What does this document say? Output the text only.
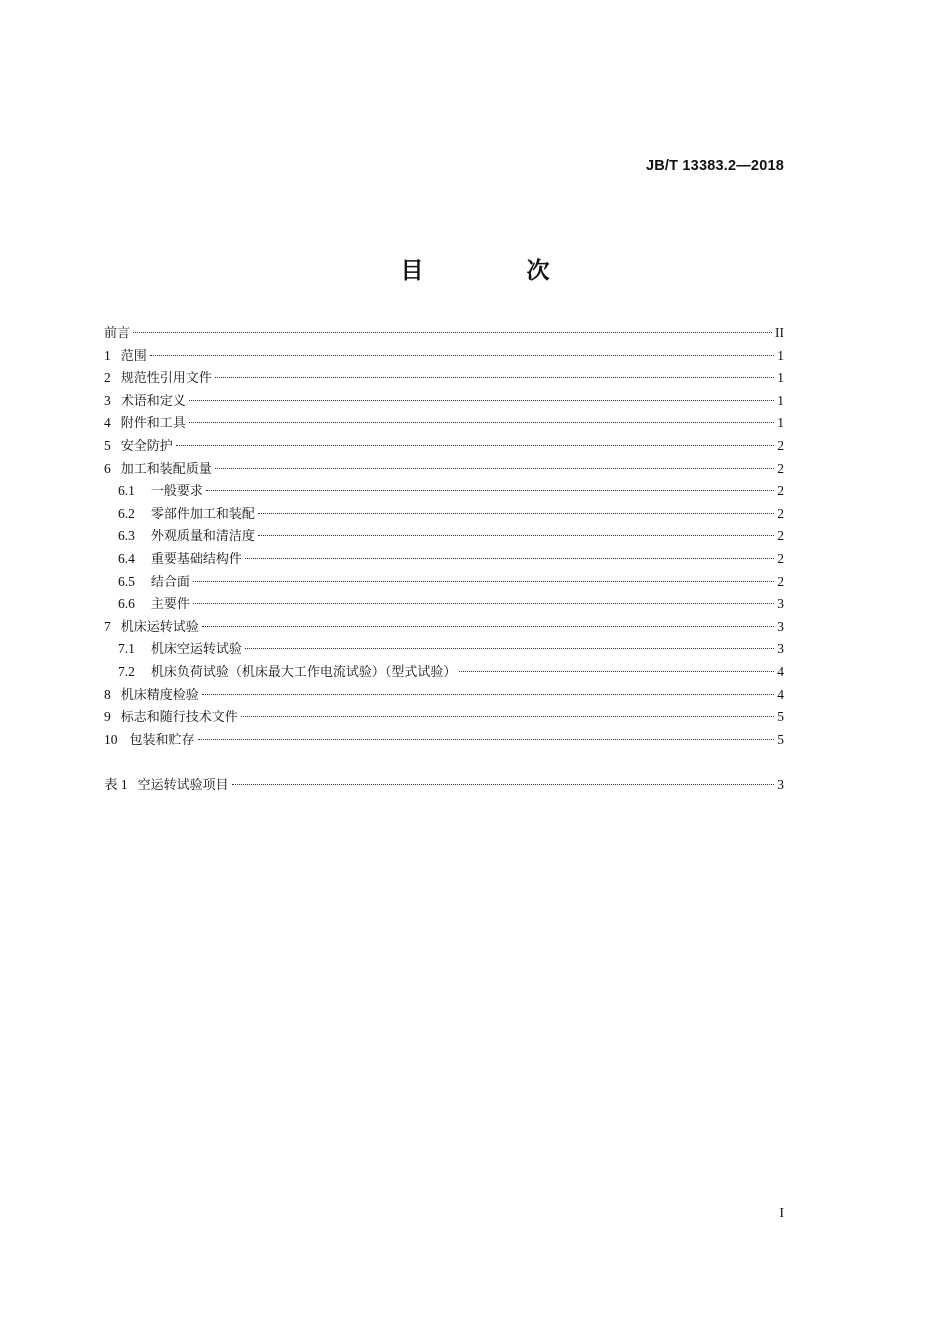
JB/T 13383.2—2018
目　次
前言	II
1 范围	1
2 规范性引用文件	1
3 术语和定义	1
4 附件和工具	1
5 安全防护	2
6 加工和装配质量	2
6.1 一般要求	2
6.2 零部件加工和装配	2
6.3 外观质量和清洁度	2
6.4 重要基础结构件	2
6.5 结合面	2
6.6 主要件	3
7 机床运转试验	3
7.1 机床空运转试验	3
7.2 机床负荷试验（机床最大工作电流试验）（型式试验）	4
8 机床精度检验	4
9 标志和随行技术文件	5
10 包装和贮存	5
表 1 空运转试验项目	3
I
